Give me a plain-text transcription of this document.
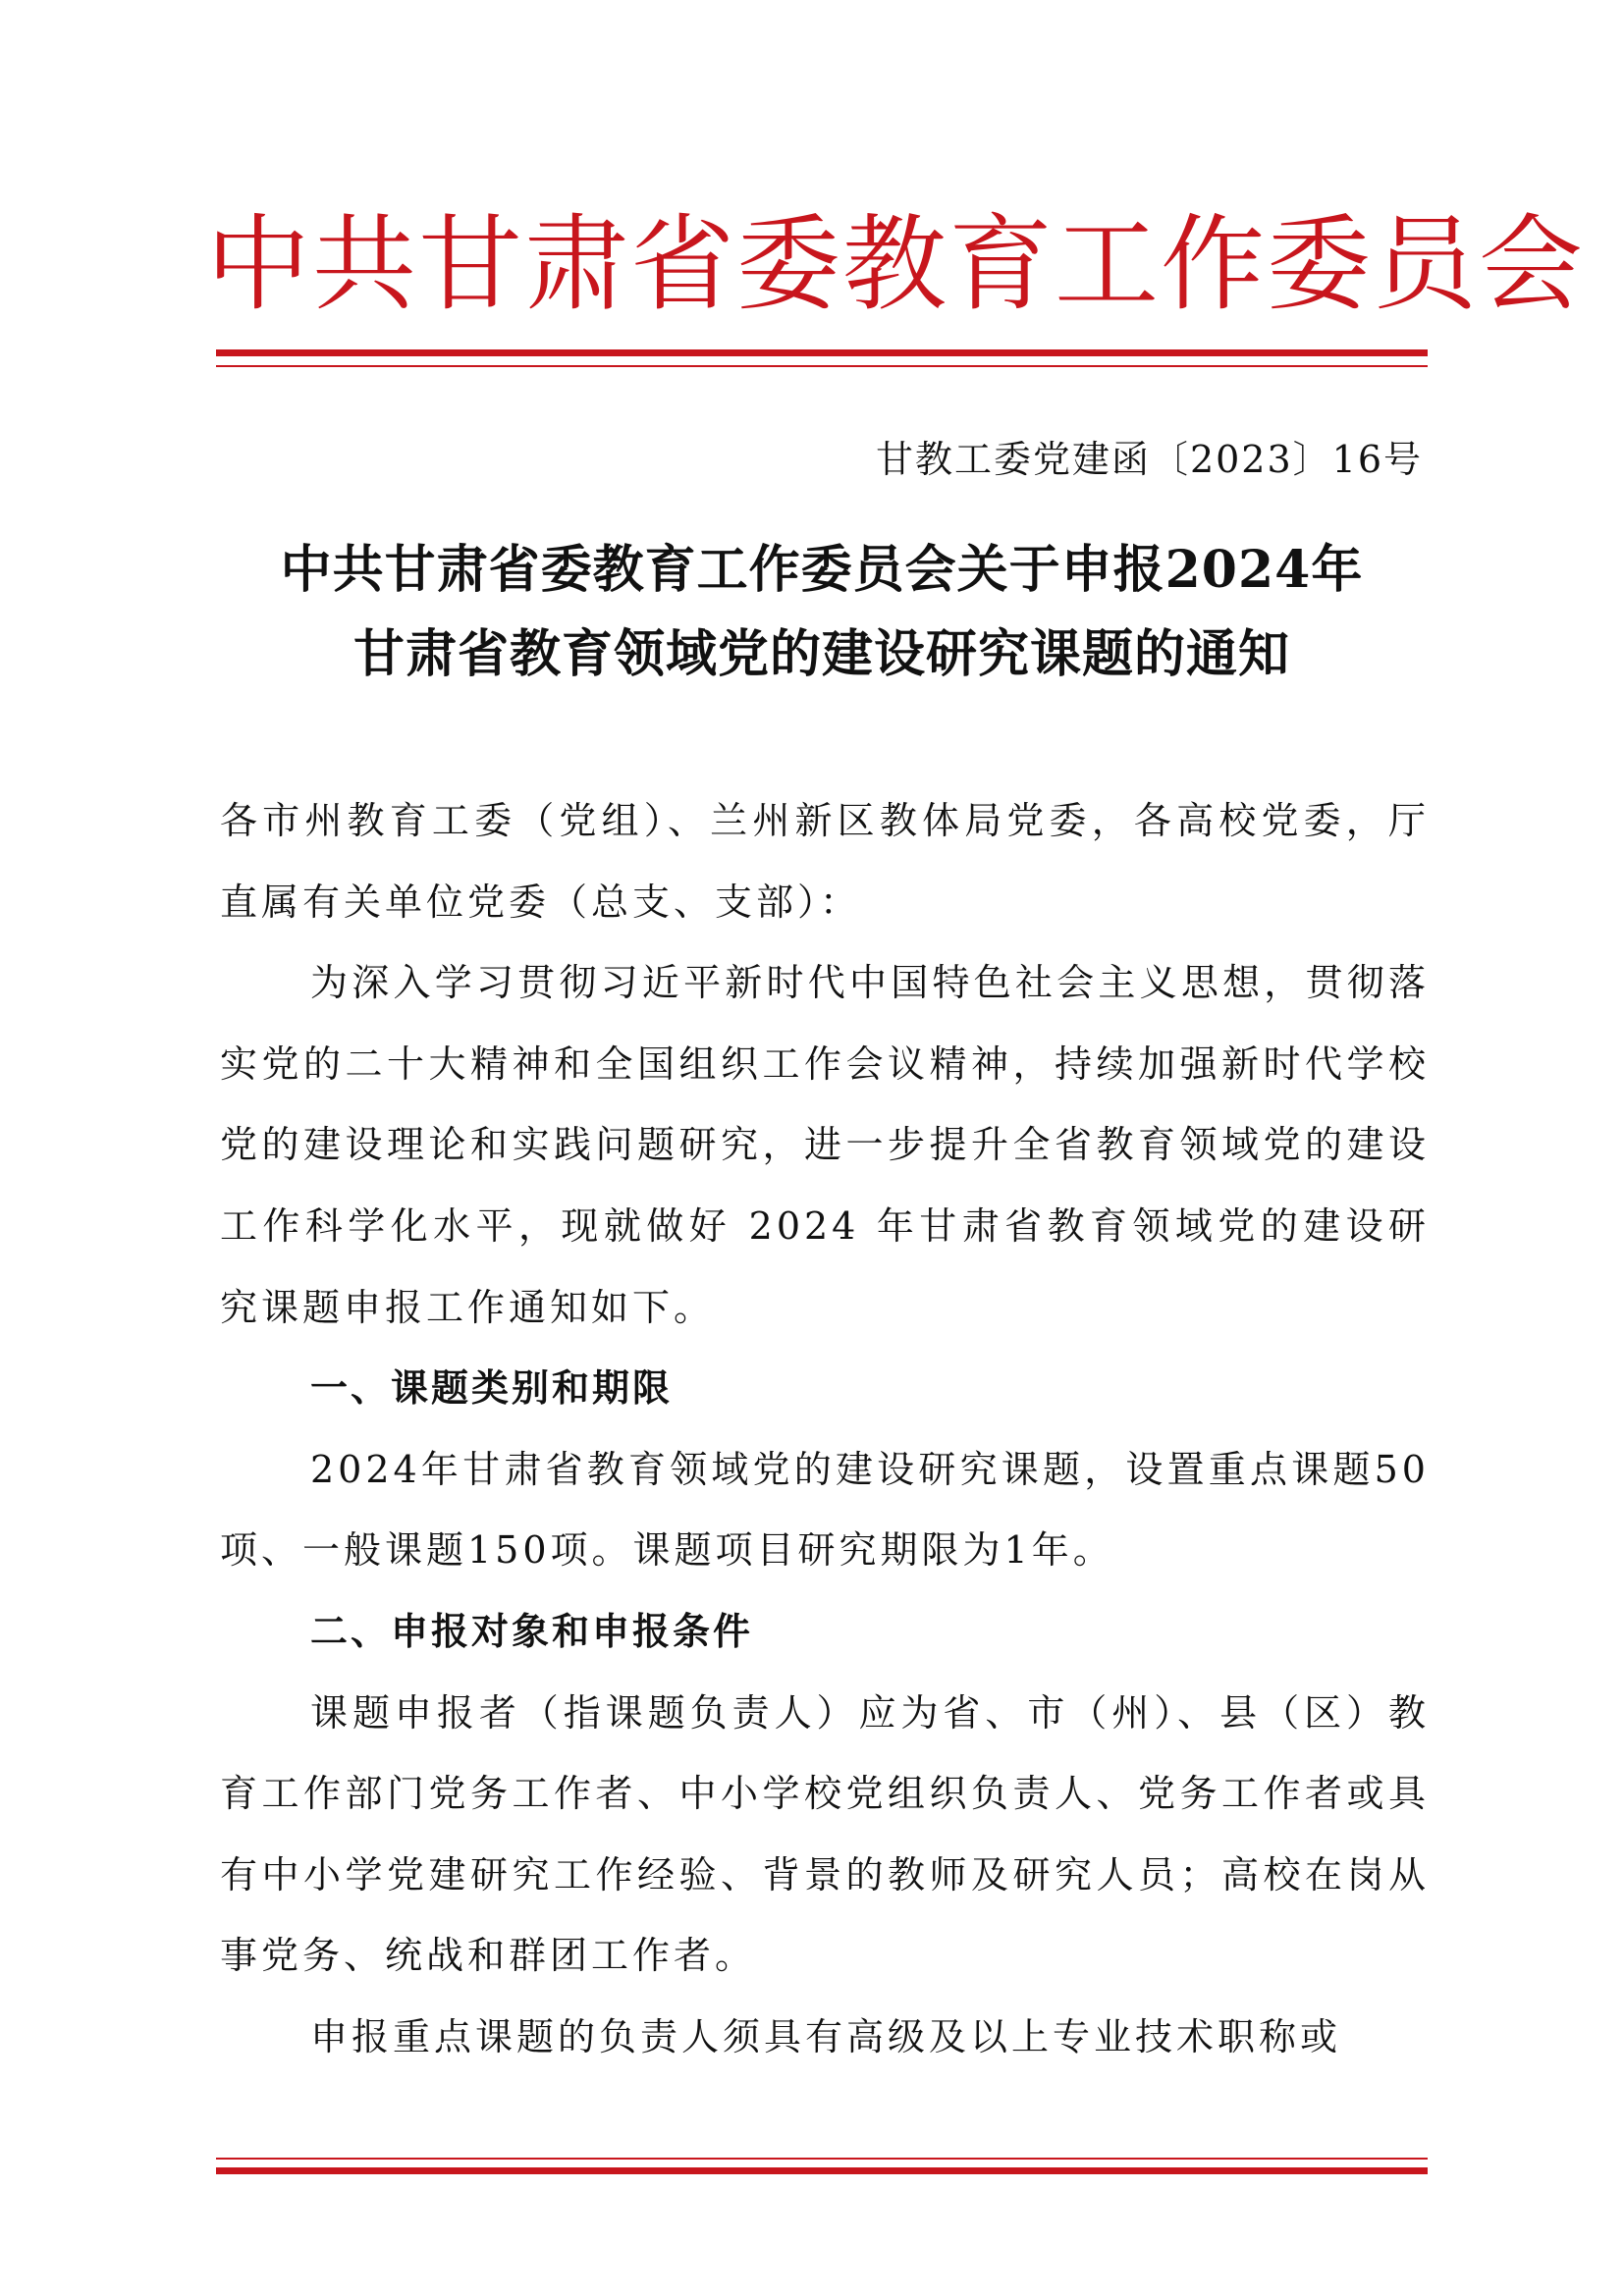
中共甘肃省委教育工作委员会
甘教工委党建函〔2023〕16号
中共甘肃省委教育工作委员会关于申报2024年
甘肃省教育领域党的建设研究课题的通知

各市州教育工委（党组）、兰州新区教体局党委，各高校党委，厅直属有关单位党委（总支、支部）：

为深入学习贯彻习近平新时代中国特色社会主义思想，贯彻落实党的二十大精神和全国组织工作会议精神，持续加强新时代学校党的建设理论和实践问题研究，进一步提升全省教育领域党的建设工作科学化水平，现就做好 2024 年甘肃省教育领域党的建设研究课题申报工作通知如下。

一、课题类别和期限

2024年甘肃省教育领域党的建设研究课题，设置重点课题50项、一般课题150项。课题项目研究期限为1年。

二、申报对象和申报条件

课题申报者（指课题负责人）应为省、市（州）、县（区）教育工作部门党务工作者、中小学校党组织负责人、党务工作者或具有中小学党建研究工作经验、背景的教师及研究人员；高校在岗从事党务、统战和群团工作者。

申报重点课题的负责人须具有高级及以上专业技术职称或
